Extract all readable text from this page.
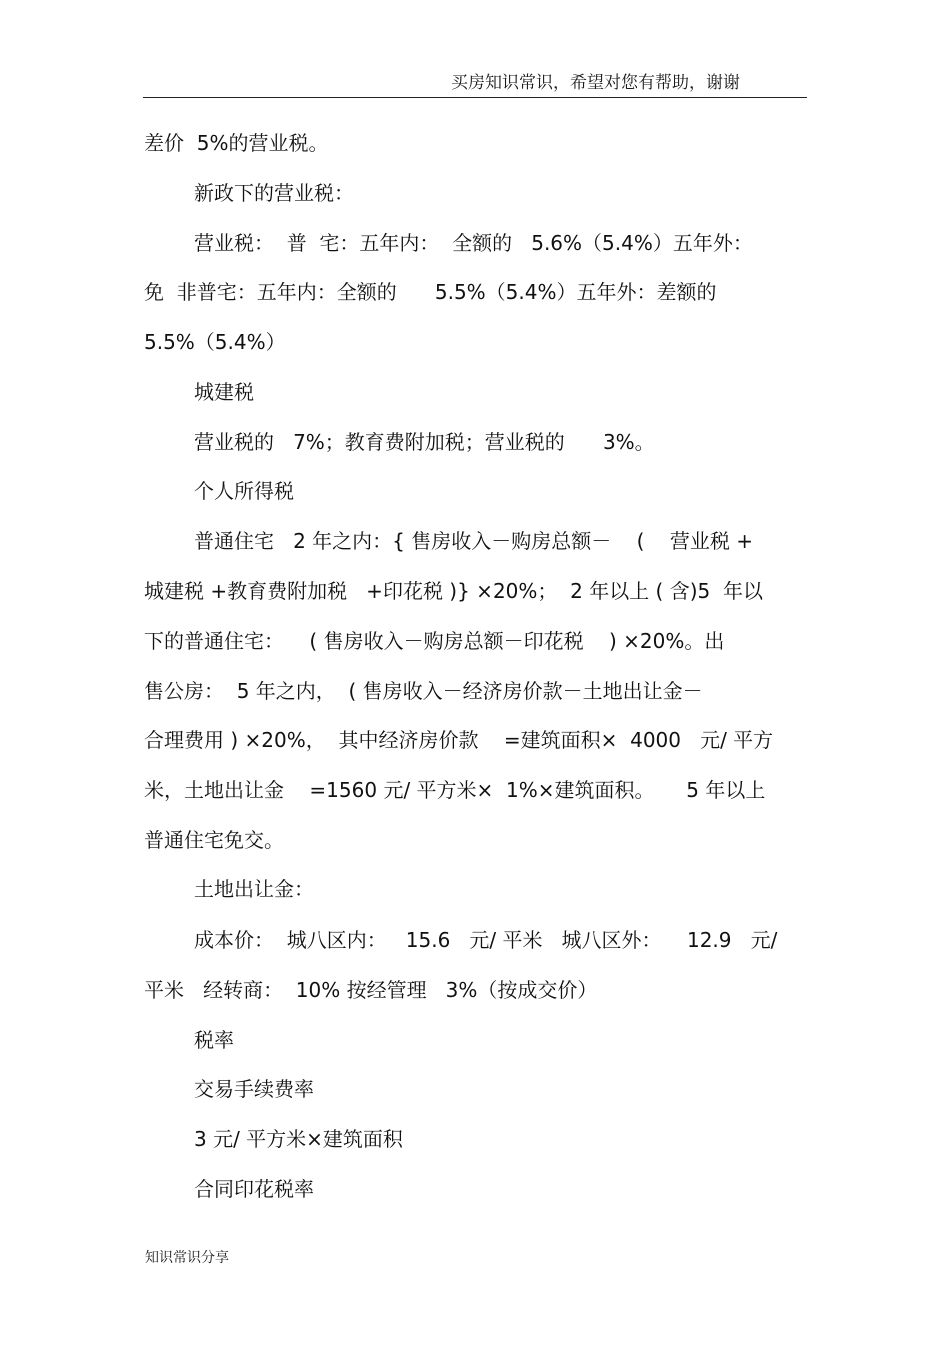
买房知识常识，希望对您有帮助，谢谢
差价  5%的营业税。
新政下的营业税：
营业税：  普  宅：五年内：  全额的   5.6%（5.4%）五年外：
免  非普宅：五年内：全额的      5.5%（5.4%）五年外：差额的
5.5%（5.4%）
城建税
营业税的   7%；教育费附加税；营业税的      3%。
个人所得税
普通住宅   2 年之内：{ 售房收入－购房总额－    (    营业税 +
城建税 +教育费附加税   +印花税 )} ×20%；  2 年以上 ( 含)5  年以
下的普通住宅：    ( 售房收入－购房总额－印花税    ) ×20%。出
售公房：  5 年之内，  ( 售房收入－经济房价款－土地出让金－
合理费用 ) ×20%，  其中经济房价款    =建筑面积×  4000   元/ 平方
米，土地出让金    =1560 元/ 平方米×  1%×建筑面积。     5 年以上
普通住宅免交。
土地出让金：
成本价：  城八区内：   15.6   元/ 平米   城八区外：    12.9   元/
平米   经转商：  10% 按经管理   3%（按成交价）
税率
交易手续费率
3 元/ 平方米×建筑面积
合同印花税率
知识常识分享
